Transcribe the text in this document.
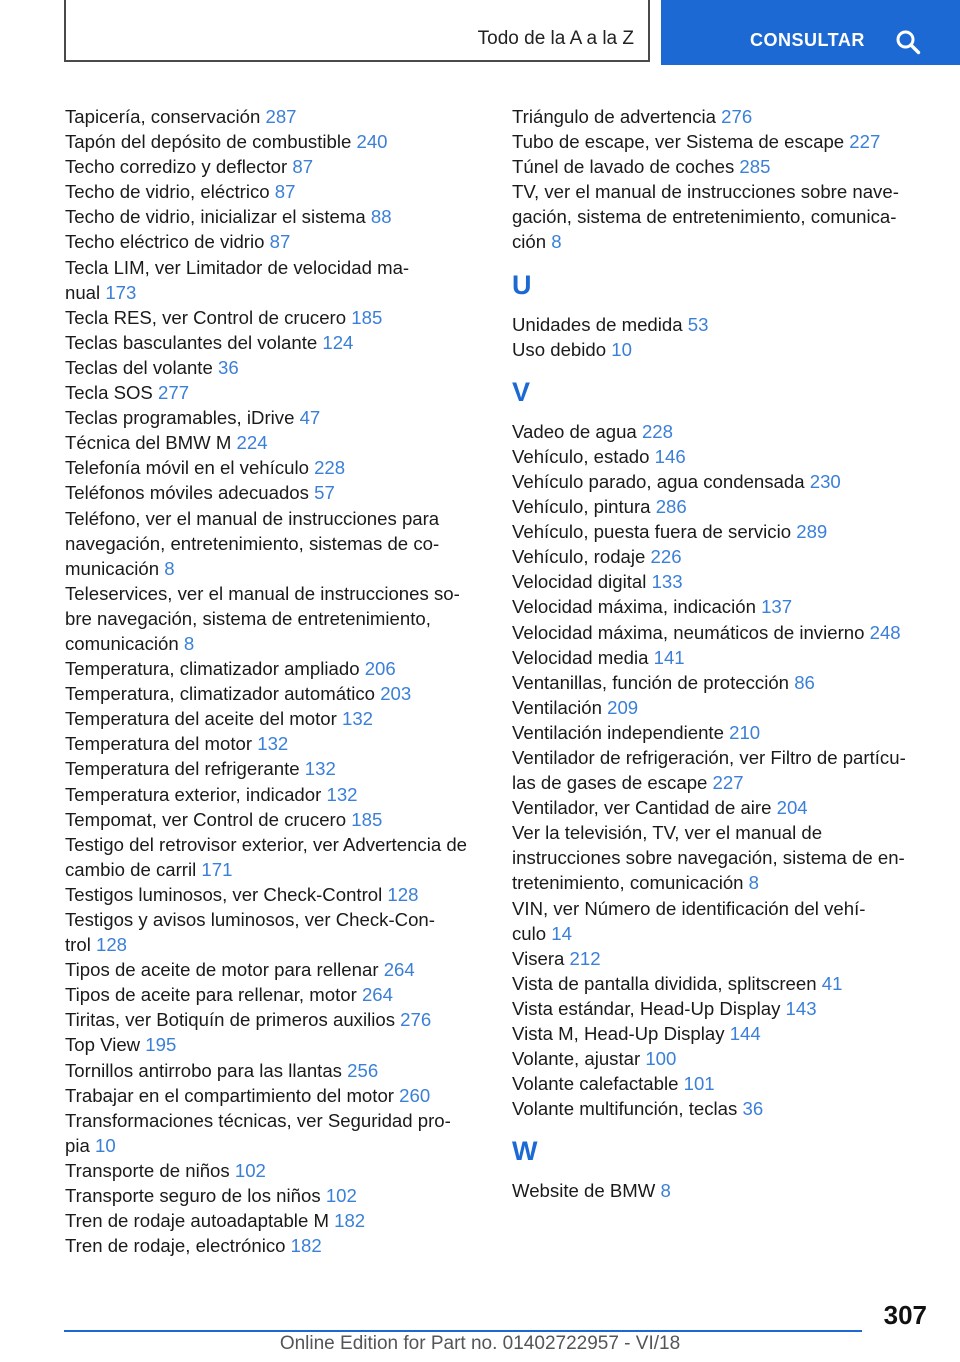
Todo de la A a la Z	CONSULTAR
Tapicería, conservación 287
Tapón del depósito de combustible 240
Techo corredizo y deflector 87
Techo de vidrio, eléctrico 87
Techo de vidrio, inicializar el sistema 88
Techo eléctrico de vidrio 87
Tecla LIM, ver Limitador de velocidad ma-
nual 173
Tecla RES, ver Control de crucero 185
Teclas basculantes del volante 124
Teclas del volante 36
Tecla SOS 277
Teclas programables, iDrive 47
Técnica del BMW M 224
Telefonía móvil en el vehículo 228
Teléfonos móviles adecuados 57
Teléfono, ver el manual de instrucciones para
navegación, entretenimiento, sistemas de co-
municación 8
Teleservices, ver el manual de instrucciones so-
bre navegación, sistema de entretenimiento,
comunicación 8
Temperatura, climatizador ampliado 206
Temperatura, climatizador automático 203
Temperatura del aceite del motor 132
Temperatura del motor 132
Temperatura del refrigerante 132
Temperatura exterior, indicador 132
Tempomat, ver Control de crucero 185
Testigo del retrovisor exterior, ver Advertencia de
cambio de carril 171
Testigos luminosos, ver Check-Control 128
Testigos y avisos luminosos, ver Check-Con-
trol 128
Tipos de aceite de motor para rellenar 264
Tipos de aceite para rellenar, motor 264
Tiritas, ver Botiquín de primeros auxilios 276
Top View 195
Tornillos antirrobo para las llantas 256
Trabajar en el compartimiento del motor 260
Transformaciones técnicas, ver Seguridad pro-
pia 10
Transporte de niños 102
Transporte seguro de los niños 102
Tren de rodaje autoadaptable M 182
Tren de rodaje, electrónico 182
Triángulo de advertencia 276
Tubo de escape, ver Sistema de escape 227
Túnel de lavado de coches 285
TV, ver el manual de instrucciones sobre nave-
gación, sistema de entretenimiento, comunica-
ción 8
U
Unidades de medida 53
Uso debido 10
V
Vadeo de agua 228
Vehículo, estado 146
Vehículo parado, agua condensada 230
Vehículo, pintura 286
Vehículo, puesta fuera de servicio 289
Vehículo, rodaje 226
Velocidad digital 133
Velocidad máxima, indicación 137
Velocidad máxima, neumáticos de invierno 248
Velocidad media 141
Ventanillas, función de protección 86
Ventilación 209
Ventilación independiente 210
Ventilador de refrigeración, ver Filtro de partícu-
las de gases de escape 227
Ventilador, ver Cantidad de aire 204
Ver la televisión, TV, ver el manual de
instrucciones sobre navegación, sistema de en-
tretenimiento, comunicación 8
VIN, ver Número de identificación del vehí-
culo 14
Visera 212
Vista de pantalla dividida, splitscreen 41
Vista estándar, Head-Up Display 143
Vista M, Head-Up Display 144
Volante, ajustar 100
Volante calefactable 101
Volante multifunción, teclas 36
W
Website de BMW 8
307
Online Edition for Part no. 01402722957 - VI/18
